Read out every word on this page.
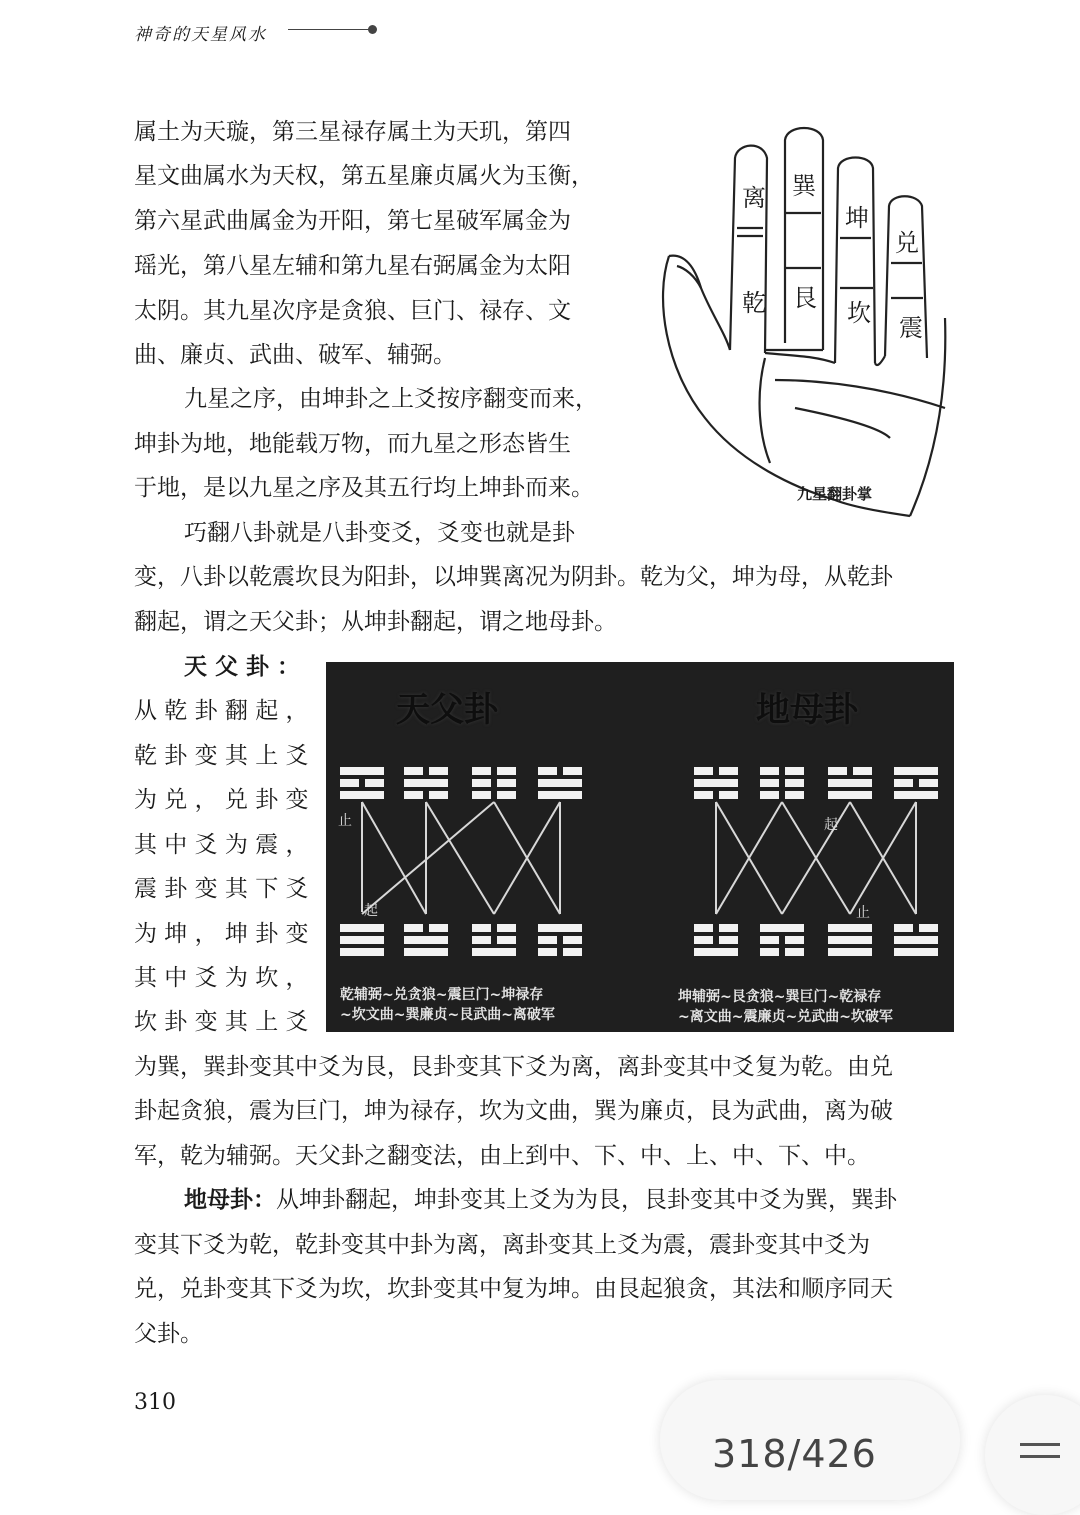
神奇的天星风水
属土为天璇，第三星禄存属土为天玑，第四
星文曲属水为天权，第五星廉贞属火为玉衡，
第六星武曲属金为开阳，第七星破军属金为
瑶光，第八星左辅和第九星右弼属金为太阳
太阴。其九星次序是贪狼、巨门、禄存、文
曲、廉贞、武曲、破军、辅弼。
九星之序，由坤卦之上爻按序翻变而来，
坤卦为地，地能载万物，而九星之形态皆生
于地，是以九星之序及其五行均上坤卦而来。
巧翻八卦就是八卦变爻，爻变也就是卦
变，八卦以乾震坎艮为阳卦，以坤巽离况为阴卦。乾为父，坤为母，从乾卦
翻起，谓之天父卦；从坤卦翻起，谓之地母卦。
天 父 卦 ：
从 乾 卦 翻 起 ，
乾 卦 变 其 上 爻
为 兑 ， 兑 卦 变
其 中 爻 为 震 ，
震 卦 变 其 下 爻
为 坤 ， 坤 卦 变
其 中 爻 为 坎 ，
坎 卦 变 其 上 爻
为巽，巽卦变其中爻为艮，艮卦变其下爻为离，离卦变其中爻复为乾。由兑
卦起贪狼，震为巨门，坤为禄存，坎为文曲，巽为廉贞，艮为武曲，离为破
军，乾为辅弼。天父卦之翻变法，由上到中、下、中、上、中、下、中。
地母卦：从坤卦翻起，坤卦变其上爻为为艮，艮卦变其中爻为巽，巽卦
变其下爻为乾，乾卦变其中卦为离，离卦变其上爻为震，震卦变其中爻为
兑，兑卦变其下爻为坎，坎卦变其中复为坤。由艮起狼贪，其法和顺序同天
父卦。
离 巽
坤
兑
乾 艮
坎
震
九星翻卦掌
天父卦	地母卦
止
起
起
止
乾辅弼~兑贪狼~震巨门~坤禄存
~坎文曲~巽廉贞~艮武曲~离破军
坤辅弼~艮贪狼~巽巨门~乾禄存
~离文曲~震廉贞~兑武曲~坎破军
310
318/426
